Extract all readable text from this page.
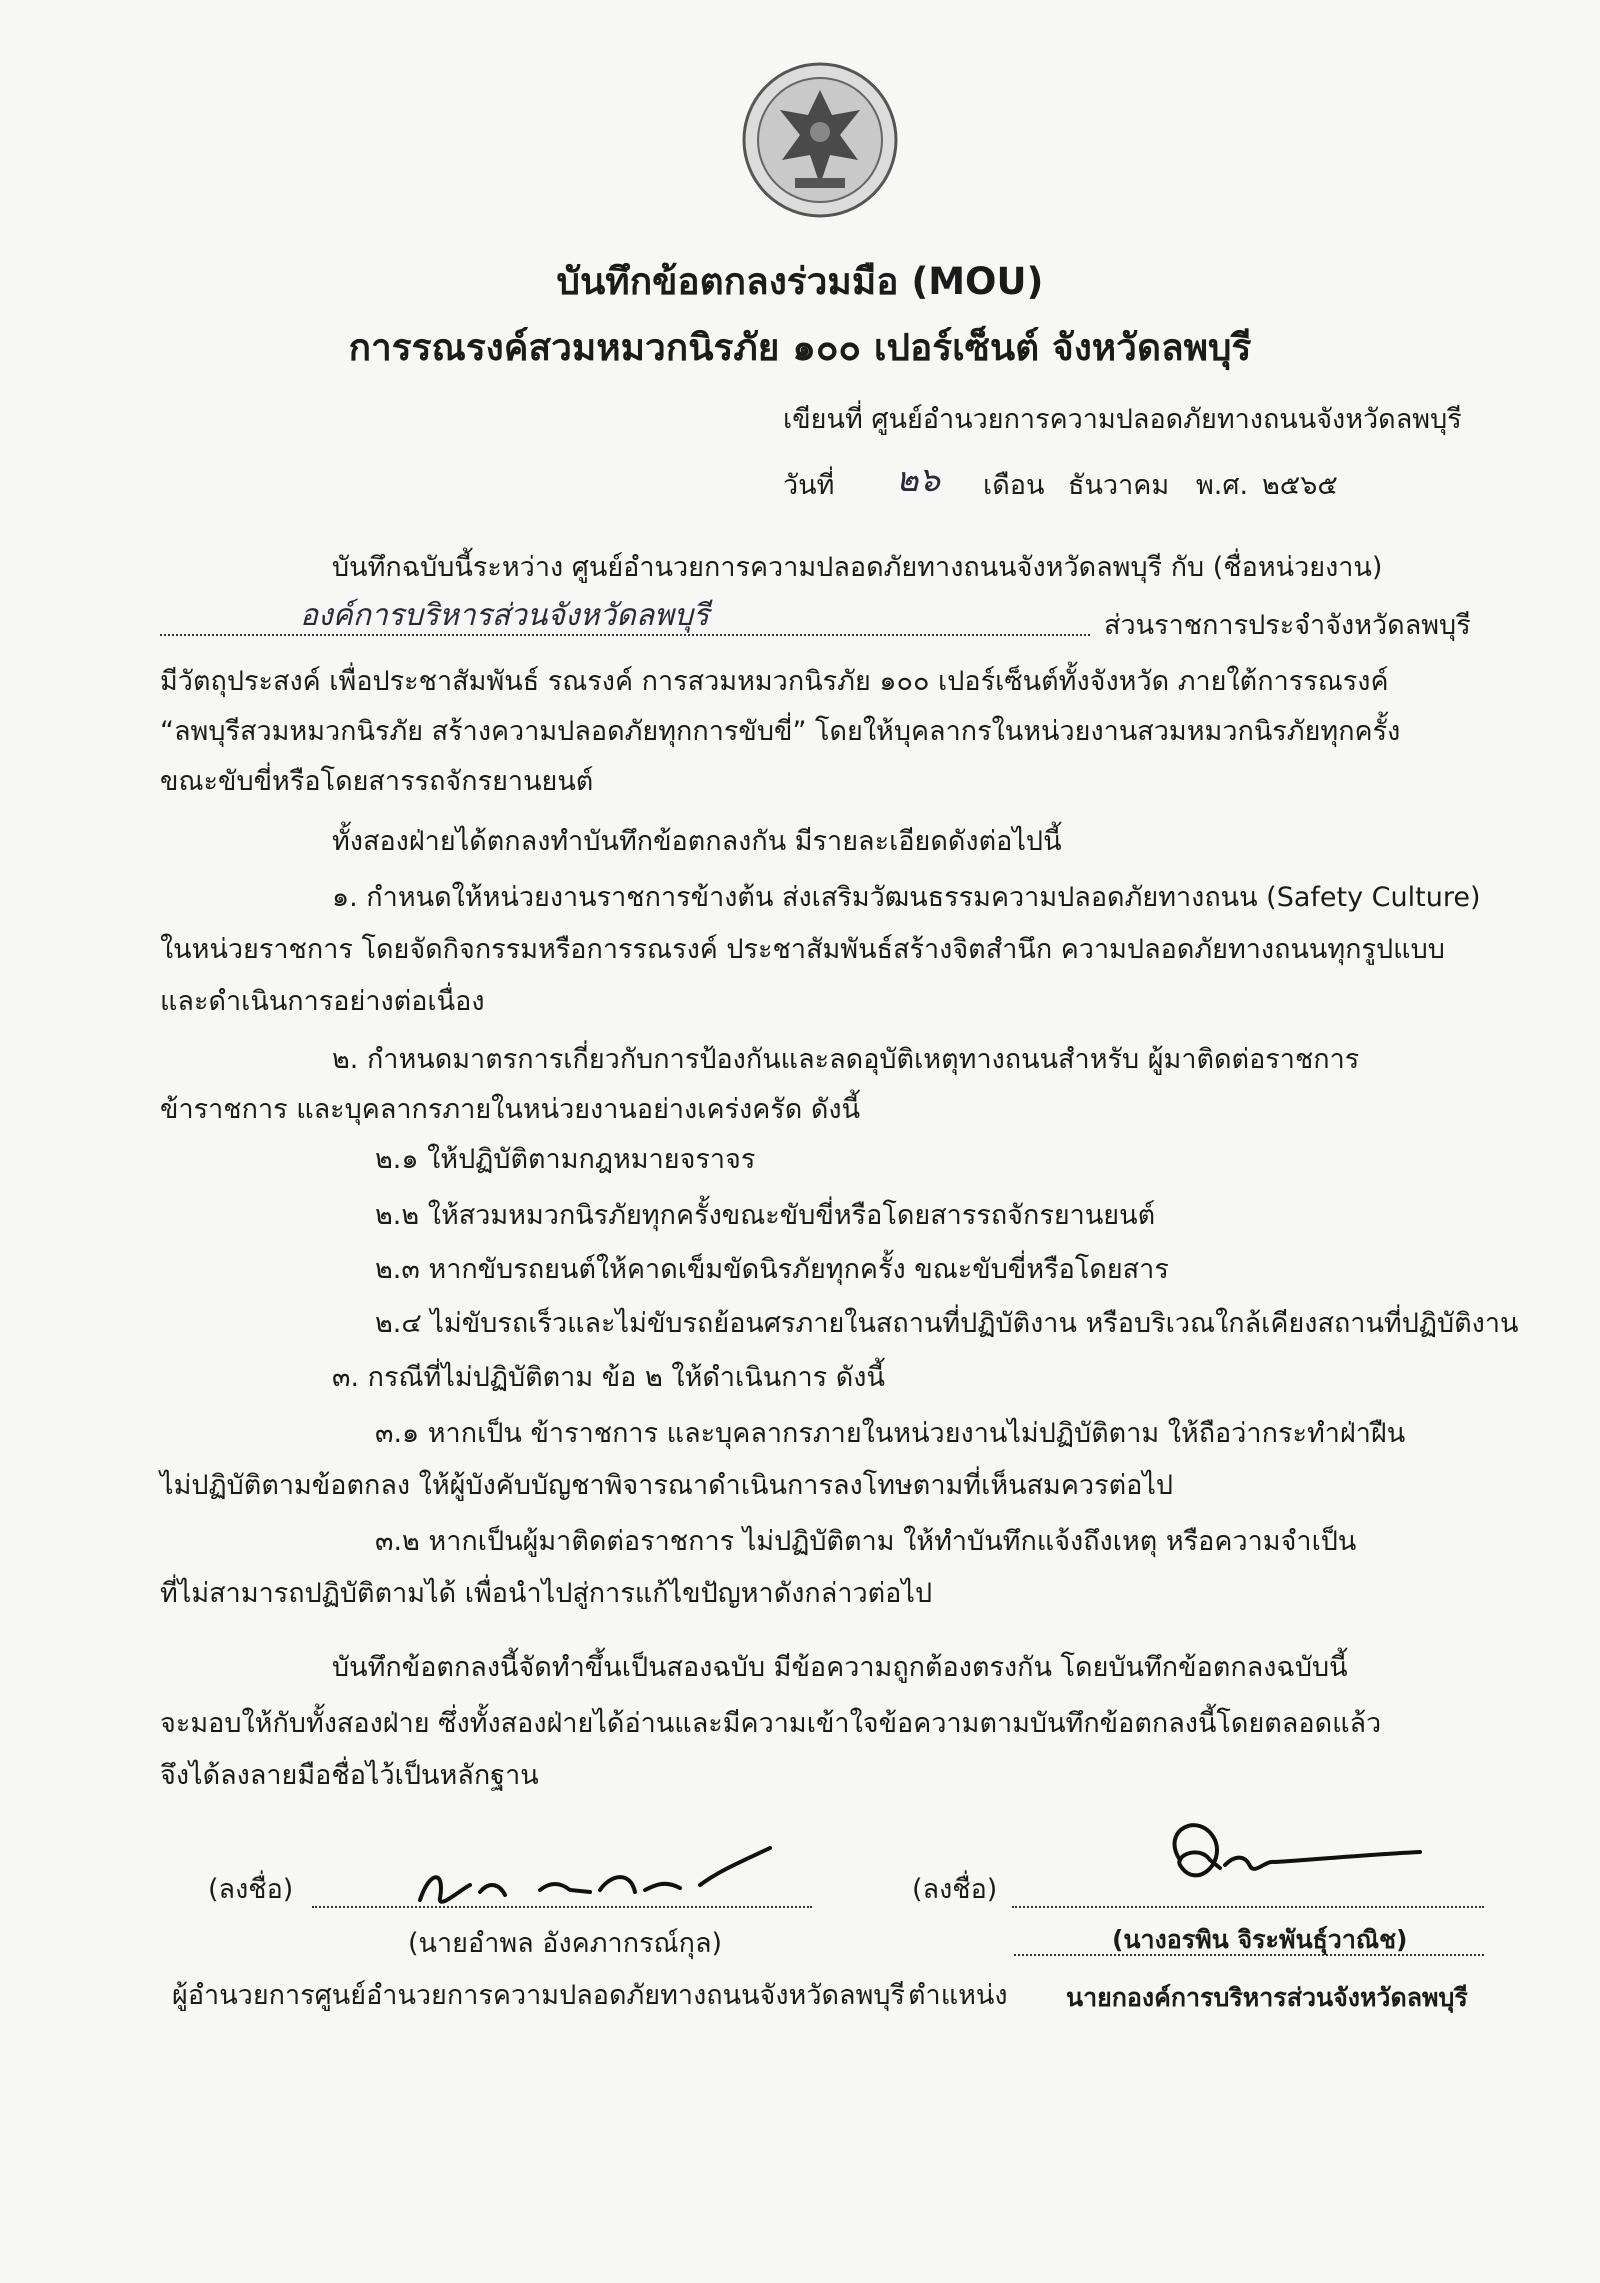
บันทึกข้อตกลงร่วมมือ (MOU)
การรณรงค์สวมหมวกนิรภัย ๑๐๐ เปอร์เซ็นต์ จังหวัดลพบุรี
เขียนที่ ศูนย์อำนวยการความปลอดภัยทางถนนจังหวัดลพบุรี
วันที่ ๒๖ เดือน ธันวาคม พ.ศ. ๒๕๖๕
บันทึกฉบับนี้ระหว่าง ศูนย์อำนวยการความปลอดภัยทางถนนจังหวัดลพบุรี กับ (ชื่อหน่วยงาน)
องค์การบริหารส่วนจังหวัดลพบุรี	ส่วนราชการประจำจังหวัดลพบุรี
มีวัตถุประสงค์ เพื่อประชาสัมพันธ์ รณรงค์ การสวมหมวกนิรภัย ๑๐๐ เปอร์เซ็นต์ทั้งจังหวัด ภายใต้การรณรงค์
“ลพบุรีสวมหมวกนิรภัย สร้างความปลอดภัยทุกการขับขี่” โดยให้บุคลากรในหน่วยงานสวมหมวกนิรภัยทุกครั้ง
ขณะขับขี่หรือโดยสารรถจักรยานยนต์
ทั้งสองฝ่ายได้ตกลงทำบันทึกข้อตกลงกัน มีรายละเอียดดังต่อไปนี้
๑. กำหนดให้หน่วยงานราชการข้างต้น ส่งเสริมวัฒนธรรมความปลอดภัยทางถนน (Safety Culture)
ในหน่วยราชการ โดยจัดกิจกรรมหรือการรณรงค์ ประชาสัมพันธ์สร้างจิตสำนึก ความปลอดภัยทางถนนทุกรูปแบบ
และดำเนินการอย่างต่อเนื่อง
๒. กำหนดมาตรการเกี่ยวกับการป้องกันและลดอุบัติเหตุทางถนนสำหรับ ผู้มาติดต่อราชการ
ข้าราชการ และบุคลากรภายในหน่วยงานอย่างเคร่งครัด ดังนี้
๒.๑ ให้ปฏิบัติตามกฎหมายจราจร
๒.๒ ให้สวมหมวกนิรภัยทุกครั้งขณะขับขี่หรือโดยสารรถจักรยานยนต์
๒.๓ หากขับรถยนต์ให้คาดเข็มขัดนิรภัยทุกครั้ง ขณะขับขี่หรือโดยสาร
๒.๔ ไม่ขับรถเร็วและไม่ขับรถย้อนศรภายในสถานที่ปฏิบัติงาน หรือบริเวณใกล้เคียงสถานที่ปฏิบัติงาน
๓. กรณีที่ไม่ปฏิบัติตาม ข้อ ๒ ให้ดำเนินการ ดังนี้
๓.๑ หากเป็น ข้าราชการ และบุคลากรภายในหน่วยงานไม่ปฏิบัติตาม ให้ถือว่ากระทำฝ่าฝืน
ไม่ปฏิบัติตามข้อตกลง ให้ผู้บังคับบัญชาพิจารณาดำเนินการลงโทษตามที่เห็นสมควรต่อไป
๓.๒ หากเป็นผู้มาติดต่อราชการ ไม่ปฏิบัติตาม ให้ทำบันทึกแจ้งถึงเหตุ หรือความจำเป็น
ที่ไม่สามารถปฏิบัติตามได้ เพื่อนำไปสู่การแก้ไขปัญหาดังกล่าวต่อไป
บันทึกข้อตกลงนี้จัดทำขึ้นเป็นสองฉบับ มีข้อความถูกต้องตรงกัน โดยบันทึกข้อตกลงฉบับนี้
จะมอบให้กับทั้งสองฝ่าย ซึ่งทั้งสองฝ่ายได้อ่านและมีความเข้าใจข้อความตามบันทึกข้อตกลงนี้โดยตลอดแล้ว
จึงได้ลงลายมือชื่อไว้เป็นหลักฐาน
(ลงชื่อ)
(นายอำพล อังคภากรณ์กุล)
ผู้อำนวยการศูนย์อำนวยการความปลอดภัยทางถนนจังหวัดลพบุรี
(ลงชื่อ)
(นางอรพิน จิระพันธุ์วาณิช)
ตำแหน่ง นายกองค์การบริหารส่วนจังหวัดลพบุรี
